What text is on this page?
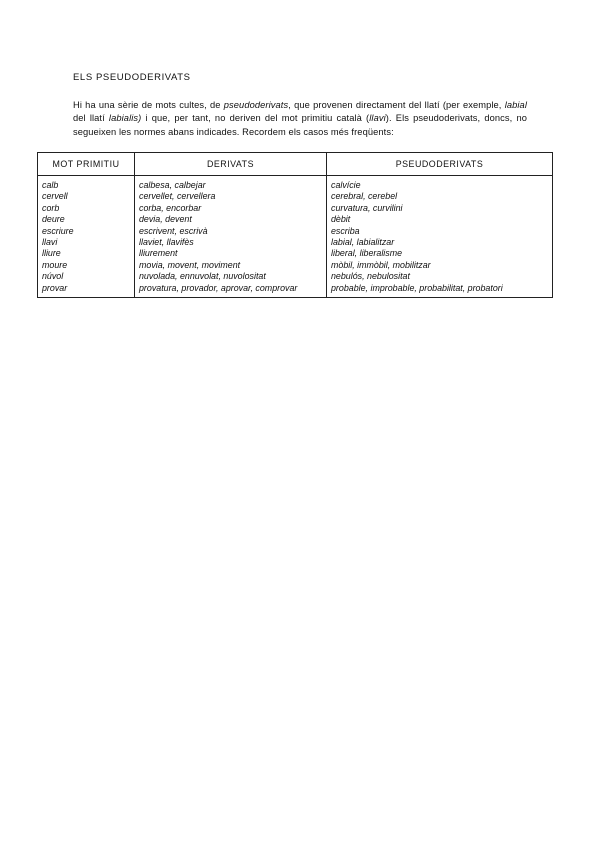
ELS PSEUDODERIVATS

Hi ha una sèrie de mots cultes, de pseudoderivats, que provenen directament del llatí (per exemple, labial del llatí labialis) i que, per tant, no deriven del mot primitiu català (llavi). Els pseudoderivats, doncs, no segueixen les normes abans indicades. Recordem els casos més freqüents:

MOT PRIMITIU	DERIVATS	PSEUDODERIVATS
calb	calbesa, calbejar	calvície
cervell	cervellet, cervellera	cerebral, cerebel
corb	corba, encorbar	curvatura, curvilini
deure	devia, devent	dèbit
escriure	escrivent, escrivà	escriba
llavi	llaviet, llavifès	labial, labialitzar
lliure	lliurement	liberal, liberalisme
moure	movia, movent, moviment	mòbil, immòbil, mobilitzar
núvol	nuvolada, ennuvolat, nuvolositat	nebulós, nebulositat
provar	provatura, provador, aprovar, comprovar	probable, improbable, probabilitat, probatori
